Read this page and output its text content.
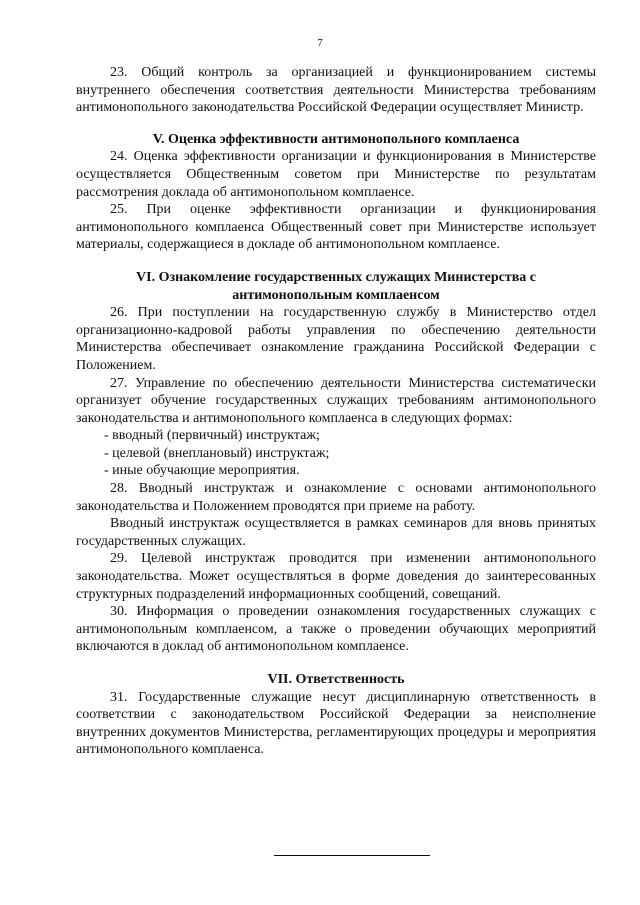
7

23. Общий контроль за организацией и функционированием системы внутреннего обеспечения соответствия деятельности Министерства требованиям антимонопольного законодательства Российской Федерации осуществляет Министр.

V. Оценка эффективности антимонопольного комплаенса

24. Оценка эффективности организации и функционирования в Министерстве осуществляется Общественным советом при Министерстве по результатам рассмотрения доклада об антимонопольном комплаенсе.

25. При оценке эффективности организации и функционирования антимонопольного комплаенса Общественный совет при Министерстве использует материалы, содержащиеся в докладе об антимонопольном комплаенсе.

VI. Ознакомление государственных служащих Министерства с
антимонопольным комплаенсом

26. При поступлении на государственную службу в Министерство отдел организационно-кадровой работы управления по обеспечению деятельности Министерства обеспечивает ознакомление гражданина Российской Федерации с Положением.

27. Управление по обеспечению деятельности Министерства систематически организует обучение государственных служащих требованиям антимонопольного законодательства и антимонопольного комплаенса в следующих формах:

- вводный (первичный) инструктаж;

- целевой (внеплановый) инструктаж;

- иные обучающие мероприятия.

28. Вводный инструктаж и ознакомление с основами антимонопольного законодательства и Положением проводятся при приеме на работу.

Вводный инструктаж осуществляется в рамках семинаров для вновь принятых государственных служащих.

29. Целевой инструктаж проводится при изменении антимонопольного законодательства. Может осуществляться в форме доведения до заинтересованных структурных подразделений информационных сообщений, совещаний.

30. Информация о проведении ознакомления государственных служащих с антимонопольным комплаенсом, а также о проведении обучающих мероприятий включаются в доклад об антимонопольном комплаенсе.

VII. Ответственность

31. Государственные служащие несут дисциплинарную ответственность в соответствии с законодательством Российской Федерации за неисполнение внутренних документов Министерства, регламентирующих процедуры и мероприятия антимонопольного комплаенса.
